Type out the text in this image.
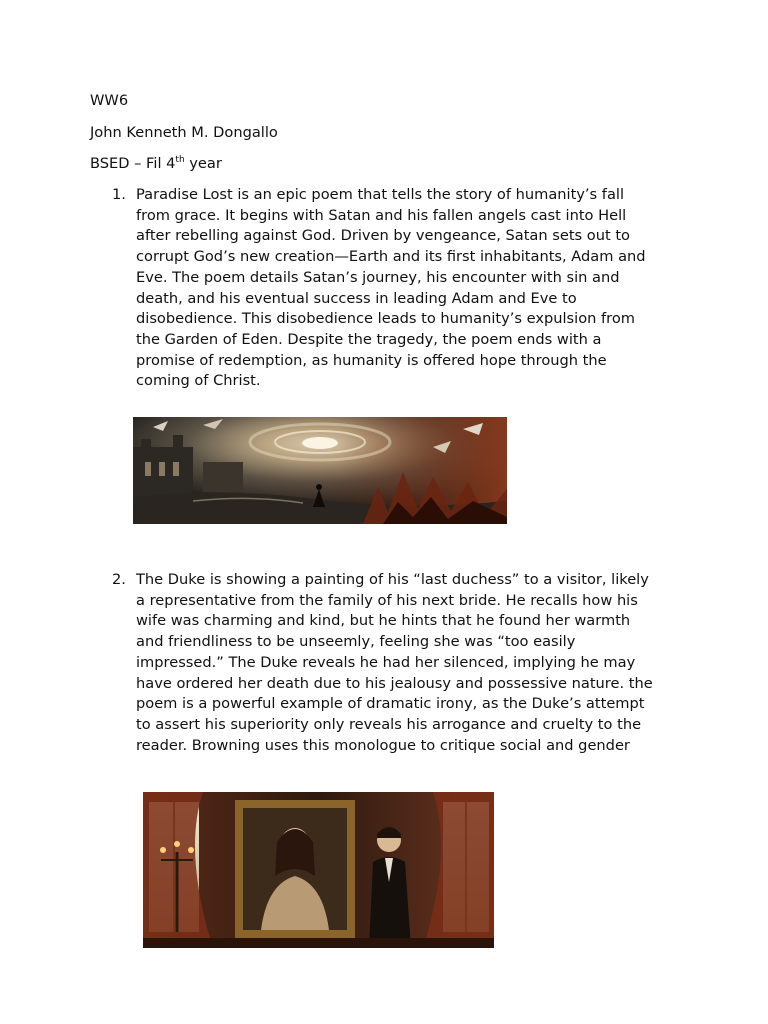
WW6
John Kenneth M. Dongallo
BSED – Fil 4th year
1. Paradise Lost is an epic poem that tells the story of humanity’s fall
from grace. It begins with Satan and his fallen angels cast into Hell
after rebelling against God. Driven by vengeance, Satan sets out to
corrupt God’s new creation—Earth and its first inhabitants, Adam and
Eve. The poem details Satan’s journey, his encounter with sin and
death, and his eventual success in leading Adam and Eve to
disobedience. This disobedience leads to humanity’s expulsion from
the Garden of Eden. Despite the tragedy, the poem ends with a
promise of redemption, as humanity is offered hope through the
coming of Christ.
2. The Duke is showing a painting of his “last duchess” to a visitor, likely
a representative from the family of his next bride. He recalls how his
wife was charming and kind, but he hints that he found her warmth
and friendliness to be unseemly, feeling she was “too easily
impressed.” The Duke reveals he had her silenced, implying he may
have ordered her death due to his jealousy and possessive nature. the
poem is a powerful example of dramatic irony, as the Duke’s attempt
to assert his superiority only reveals his arrogance and cruelty to the
reader. Browning uses this monologue to critique social and gender
